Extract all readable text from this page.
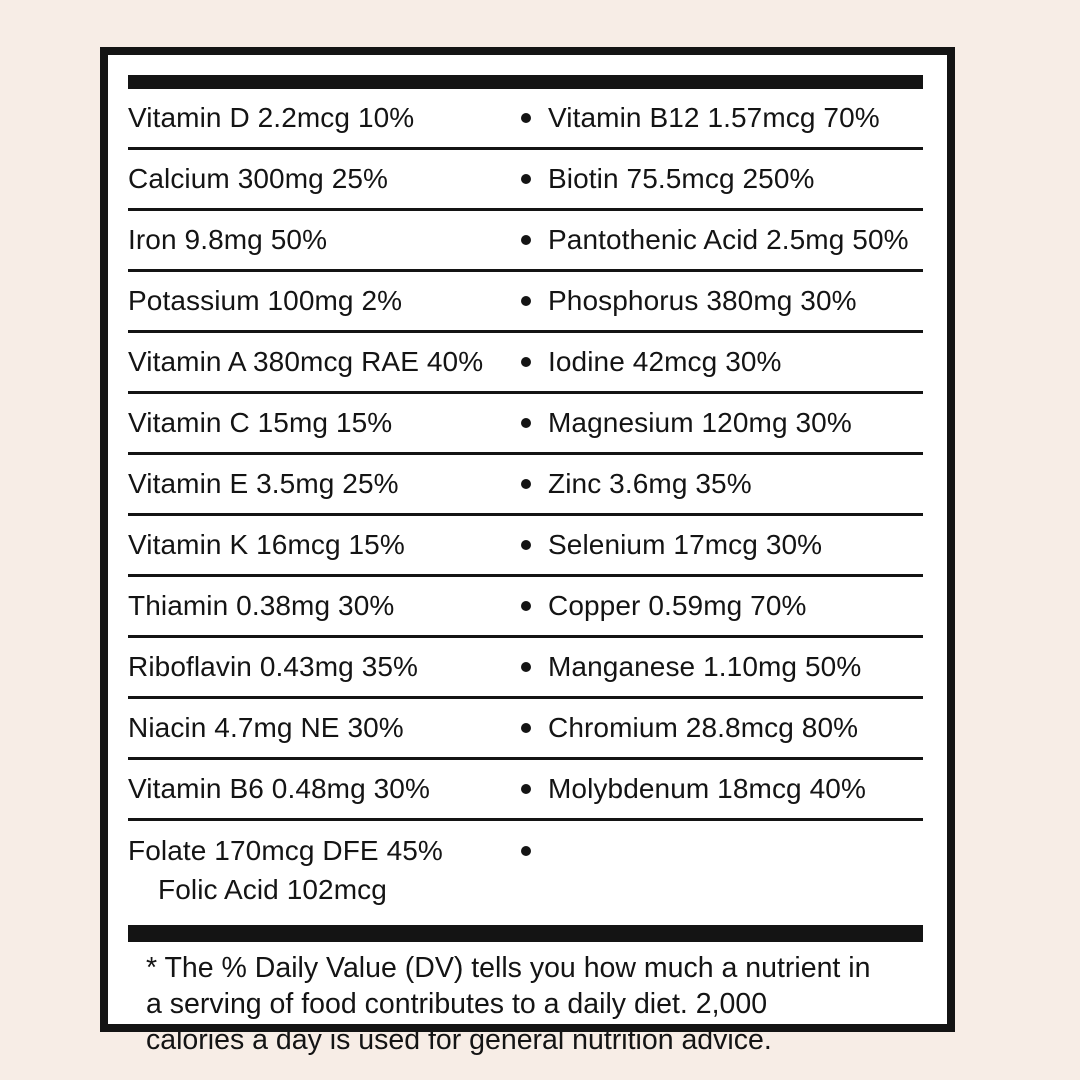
Vitamin D 2.2mcg 10%	Vitamin B12 1.57mcg 70%
Calcium 300mg 25%	Biotin 75.5mcg 250%
Iron 9.8mg 50%	Pantothenic Acid 2.5mg 50%
Potassium 100mg 2%	Phosphorus 380mg 30%
Vitamin A 380mcg RAE 40%	Iodine 42mcg 30%
Vitamin C 15mg 15%	Magnesium 120mg 30%
Vitamin E 3.5mg 25%	Zinc 3.6mg 35%
Vitamin K 16mcg 15%	Selenium 17mcg 30%
Thiamin 0.38mg 30%	Copper 0.59mg 70%
Riboflavin 0.43mg 35%	Manganese 1.10mg 50%
Niacin 4.7mg NE 30%	Chromium 28.8mcg 80%
Vitamin B6 0.48mg 30%	Molybdenum 18mcg 40%
Folate 170mcg DFE 45%
Folic Acid 102mcg
* The % Daily Value (DV) tells you how much a nutrient in
a serving of food contributes to a daily diet. 2,000
calories a day is used for general nutrition advice.
